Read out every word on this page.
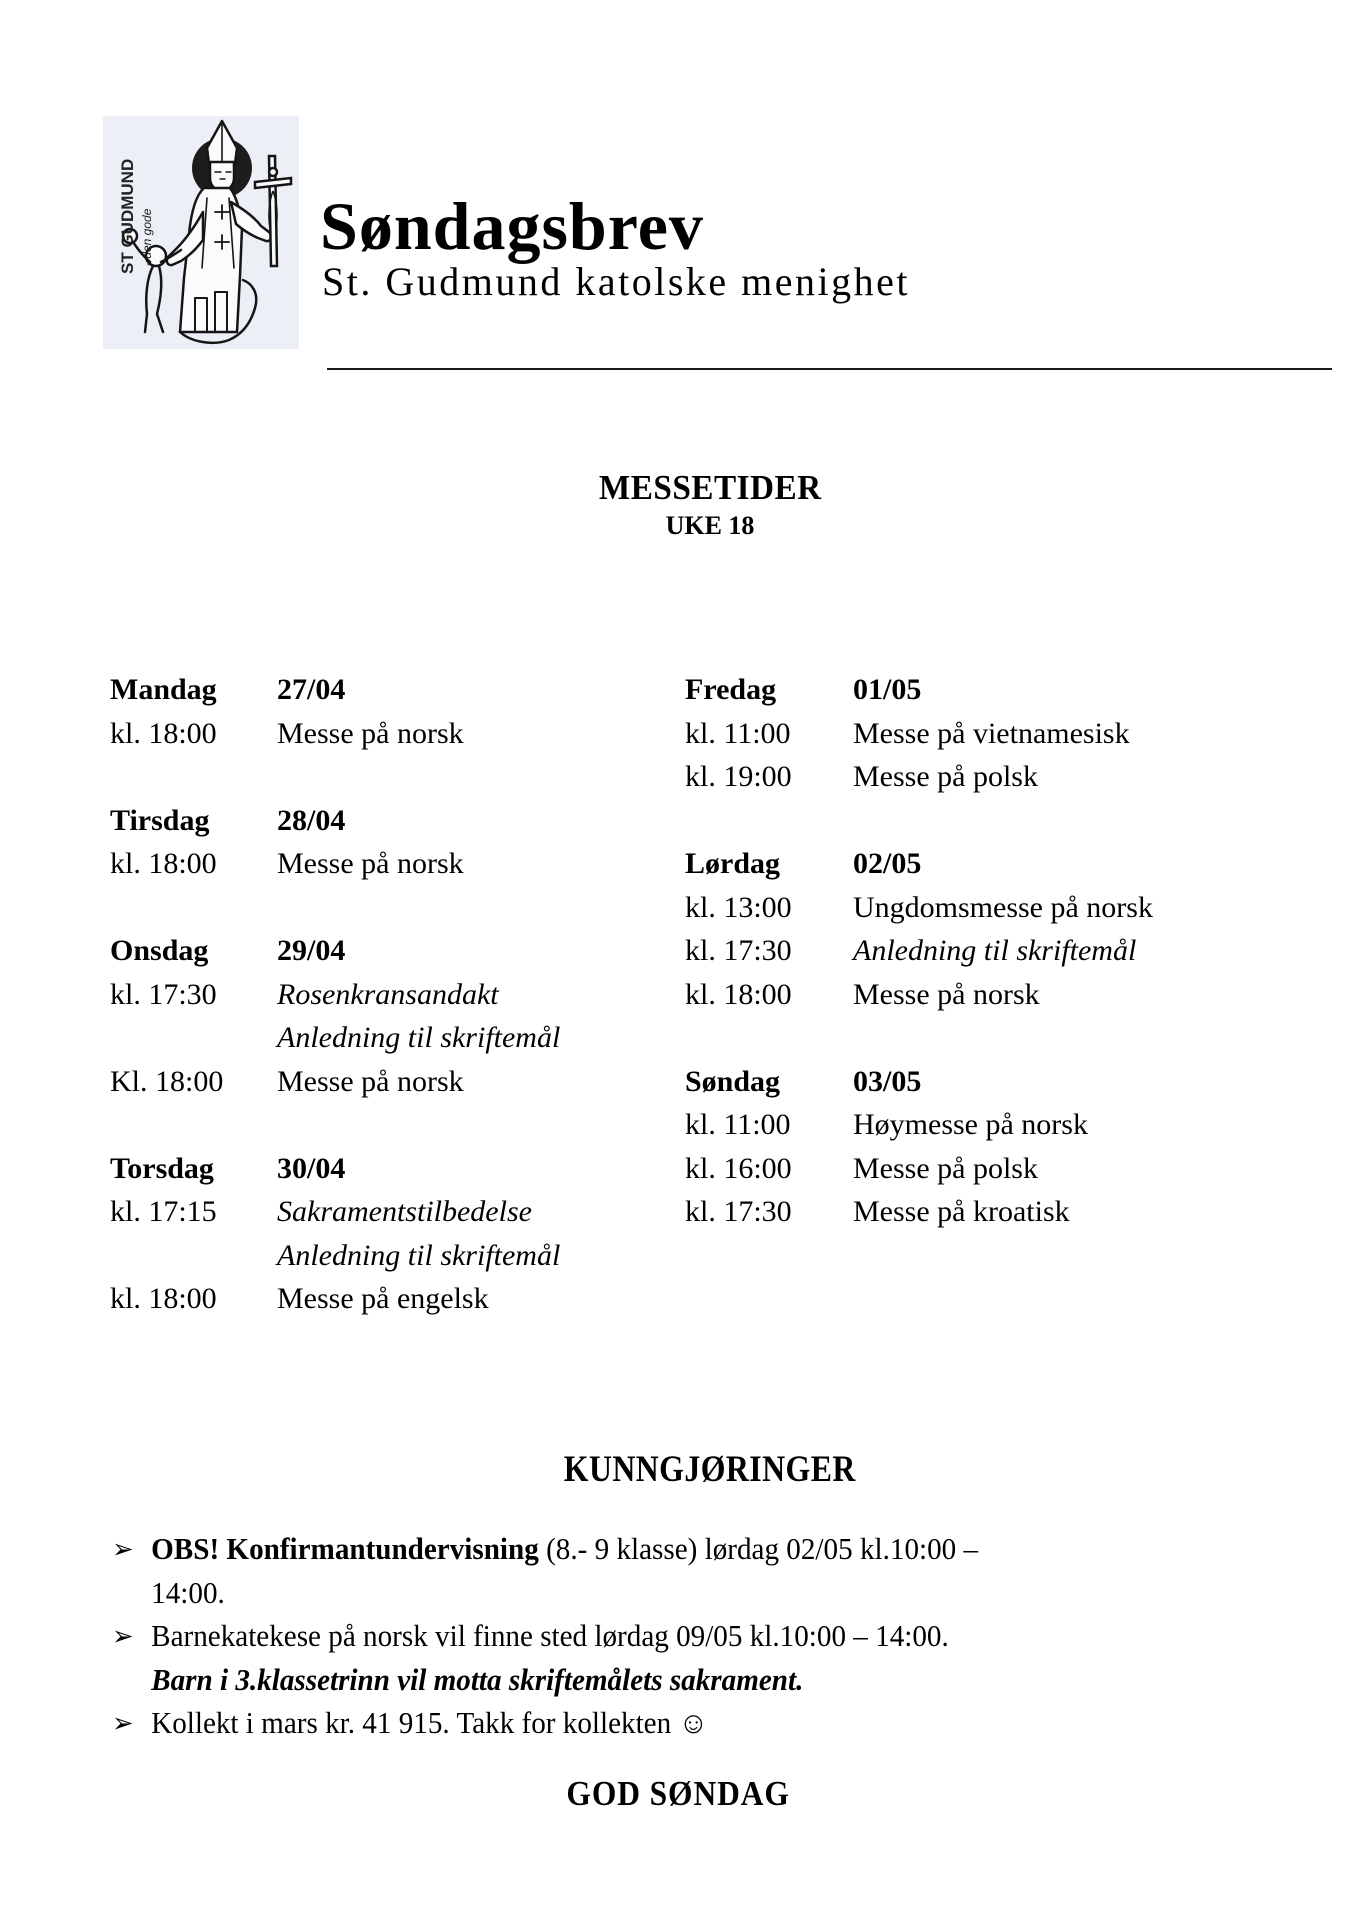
ST GUDMUND - den gode Søndagsbrev
St. Gudmund katolske menighet
MESSETIDER
UKE 18
Mandag	27/04
kl. 18:00	Messe på norsk
Tirsdag	28/04
kl. 18:00	Messe på norsk
Onsdag	29/04
kl. 17:30	Rosenkransandakt
Anledning til skriftemål
Kl. 18:00	Messe på norsk
Torsdag	30/04
kl. 17:15	Sakramentstilbedelse
Anledning til skriftemål
kl. 18:00	Messe på engelsk
Fredag	01/05
kl. 11:00	Messe på vietnamesisk
kl. 19:00	Messe på polsk
Lørdag	02/05
kl. 13:00	Ungdomsmesse på norsk
kl. 17:30	Anledning til skriftemål
kl. 18:00	Messe på norsk
Søndag	03/05
kl. 11:00	Høymesse på norsk
kl. 16:00	Messe på polsk
kl. 17:30	Messe på kroatisk
KUNNGJØRINGER
➢ OBS! Konfirmantundervisning (8.- 9 klasse) lørdag 02/05 kl.10:00 –
14:00.
➢ Barnekatekese på norsk vil finne sted lørdag 09/05 kl.10:00 – 14:00.
Barn i 3.klassetrinn vil motta skriftemålets sakrament.
➢ Kollekt i mars kr. 41 915. Takk for kollekten ☺
GOD SØNDAG
